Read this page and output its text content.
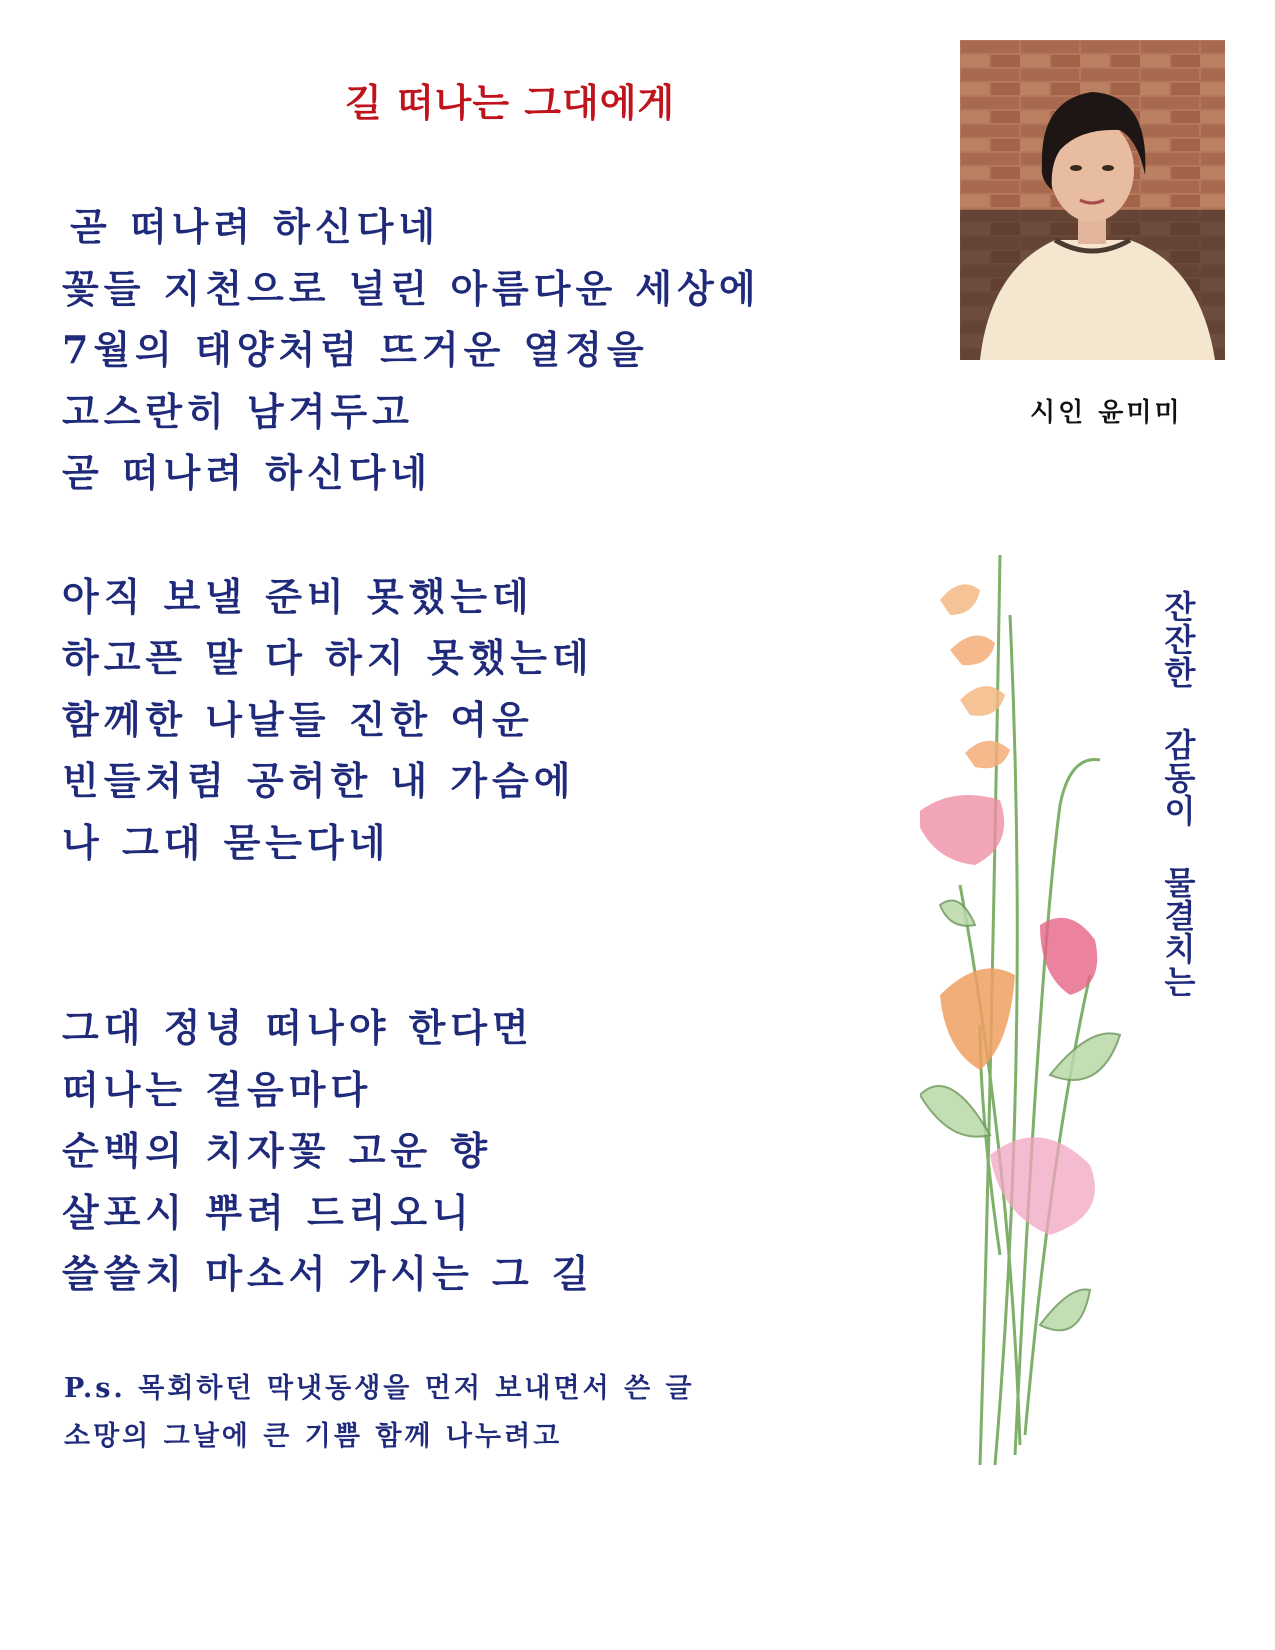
길 떠나는 그대에게
곧 떠나려 하신다네
꽃들 지천으로 널린 아름다운 세상에
7월의 태양처럼 뜨거운 열정을
고스란히 남겨두고
곧 떠나려 하신다네
아직 보낼 준비 못했는데
하고픈 말 다 하지 못했는데
함께한 나날들 진한 여운
빈들처럼 공허한 내 가슴에
나 그대 묻는다네
그대 정녕 떠나야 한다면
떠나는 걸음마다
순백의 치자꽃 고운 향
살포시 뿌려 드리오니
쓸쓸치 마소서 가시는 그 길
P.s. 목회하던 막냇동생을 먼저 보내면서 쓴 글
소망의 그날에 큰 기쁨 함께 나누려고
시인 윤미미
잔잔한 감동이 물결치는
